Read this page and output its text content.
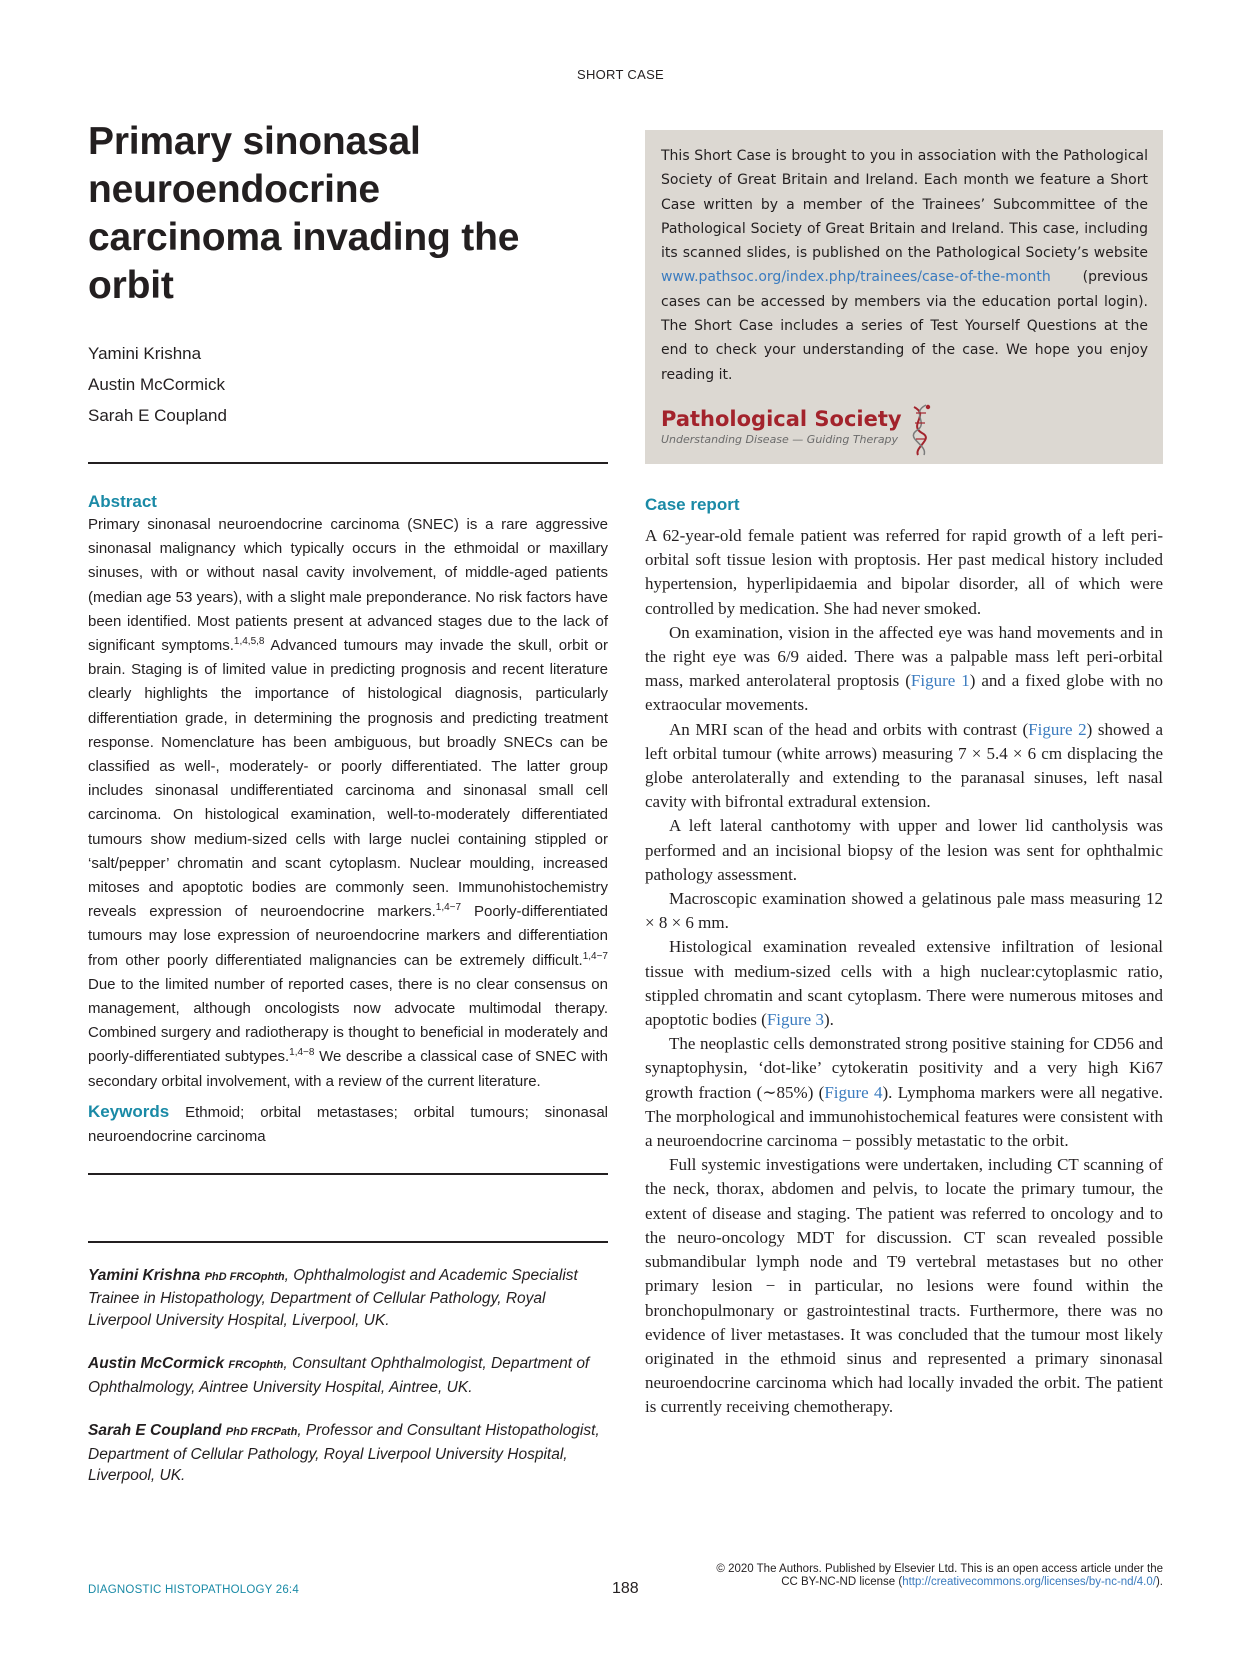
SHORT CASE
Primary sinonasal
neuroendocrine
carcinoma invading the
orbit
Yamini Krishna
Austin McCormick
Sarah E Coupland
Abstract

Primary sinonasal neuroendocrine carcinoma (SNEC) is a rare aggressive sinonasal malignancy which typically occurs in the ethmoidal or maxillary sinuses, with or without nasal cavity involvement, of middle-aged patients (median age 53 years), with a slight male preponderance. No risk factors have been identified. Most patients present at advanced stages due to the lack of significant symptoms.$^{1,4,5,8}$ Advanced tumours may invade the skull, orbit or brain. Staging is of limited value in predicting prognosis and recent literature clearly highlights the importance of histological diagnosis, particularly differentiation grade, in determining the prognosis and predicting treatment response. Nomenclature has been ambiguous, but broadly SNECs can be classified as well-, moderately- or poorly differentiated. The latter group includes sinonasal undifferentiated carcinoma and sinonasal small cell carcinoma. On histological examination, well-to-moderately differentiated tumours show medium-sized cells with large nuclei containing stippled or ‘salt/pepper’ chromatin and scant cytoplasm. Nuclear moulding, increased mitoses and apoptotic bodies are commonly seen. Immunohistochemistry reveals expression of neuroendocrine markers.$^{1,4-7}$ Poorly-differentiated tumours may lose expression of neuroendocrine markers and differentiation from other poorly differentiated malignancies can be extremely difficult.$^{1,4-7}$ Due to the limited number of reported cases, there is no clear consensus on management, although oncologists now advocate multimodal therapy. Combined surgery and radiotherapy is thought to beneficial in moderately and poorly-differentiated subtypes.$^{1,4-8}$ We describe a classical case of SNEC with secondary orbital involvement, with a review of the current literature.

Keywords Ethmoid; orbital metastases; orbital tumours; sinonasal neuroendocrine carcinoma

Yamini Krishna PhD FRCOphth, Ophthalmologist and Academic Specialist Trainee in Histopathology, Department of Cellular Pathology, Royal Liverpool University Hospital, Liverpool, UK.
Austin McCormick FRCOphth, Consultant Ophthalmologist, Department of Ophthalmology, Aintree University Hospital, Aintree, UK.
Sarah E Coupland PhD FRCPath, Professor and Consultant Histopathologist, Department of Cellular Pathology, Royal Liverpool University Hospital, Liverpool, UK.

This Short Case is brought to you in association with the Pathological Society of Great Britain and Ireland. Each month we feature a Short Case written by a member of the Trainees’ Subcommittee of the Pathological Society of Great Britain and Ireland. This case, including its scanned slides, is published on the Pathological Society’s website www.pathsoc.org/index.php/trainees/case-of-the-month (previous cases can be accessed by members via the education portal login). The Short Case includes a series of Test Yourself Questions at the end to check your understanding of the case. We hope you enjoy reading it.

Pathological Society
Understanding Disease — Guiding Therapy
Case report

A 62-year-old female patient was referred for rapid growth of a left peri-orbital soft tissue lesion with proptosis. Her past medical history included hypertension, hyperlipidaemia and bipolar disorder, all of which were controlled by medication. She had never smoked.

On examination, vision in the affected eye was hand movements and in the right eye was 6/9 aided. There was a palpable mass left peri-orbital mass, marked anterolateral proptosis (Figure 1) and a fixed globe with no extraocular movements.

An MRI scan of the head and orbits with contrast (Figure 2) showed a left orbital tumour (white arrows) measuring 7 × 5.4 × 6 cm displacing the globe anterolaterally and extending to the paranasal sinuses, left nasal cavity with bifrontal extradural extension.

A left lateral canthotomy with upper and lower lid cantholysis was performed and an incisional biopsy of the lesion was sent for ophthalmic pathology assessment.

Macroscopic examination showed a gelatinous pale mass measuring 12 × 8 × 6 mm.

Histological examination revealed extensive infiltration of lesional tissue with medium-sized cells with a high nuclear:cytoplasmic ratio, stippled chromatin and scant cytoplasm. There were numerous mitoses and apoptotic bodies (Figure 3).

The neoplastic cells demonstrated strong positive staining for CD56 and synaptophysin, ‘dot-like’ cytokeratin positivity and a very high Ki67 growth fraction (∼85%) (Figure 4). Lymphoma markers were all negative. The morphological and immunohistochemical features were consistent with a neuroendocrine carcinoma − possibly metastatic to the orbit.

Full systemic investigations were undertaken, including CT scanning of the neck, thorax, abdomen and pelvis, to locate the primary tumour, the extent of disease and staging. The patient was referred to oncology and to the neuro-oncology MDT for discussion. CT scan revealed possible submandibular lymph node and T9 vertebral metastases but no other primary lesion − in particular, no lesions were found within the bronchopulmonary or gastrointestinal tracts. Furthermore, there was no evidence of liver metastases. It was concluded that the tumour most likely originated in the ethmoid sinus and represented a primary sinonasal neuroendocrine carcinoma which had locally invaded the orbit. The patient is currently receiving chemotherapy.

DIAGNOSTIC HISTOPATHOLOGY 26:4	188
© 2020 The Authors. Published by Elsevier Ltd. This is an open access article under the CC BY-NC-ND license (http://creativecommons.org/licenses/by-nc-nd/4.0/).
